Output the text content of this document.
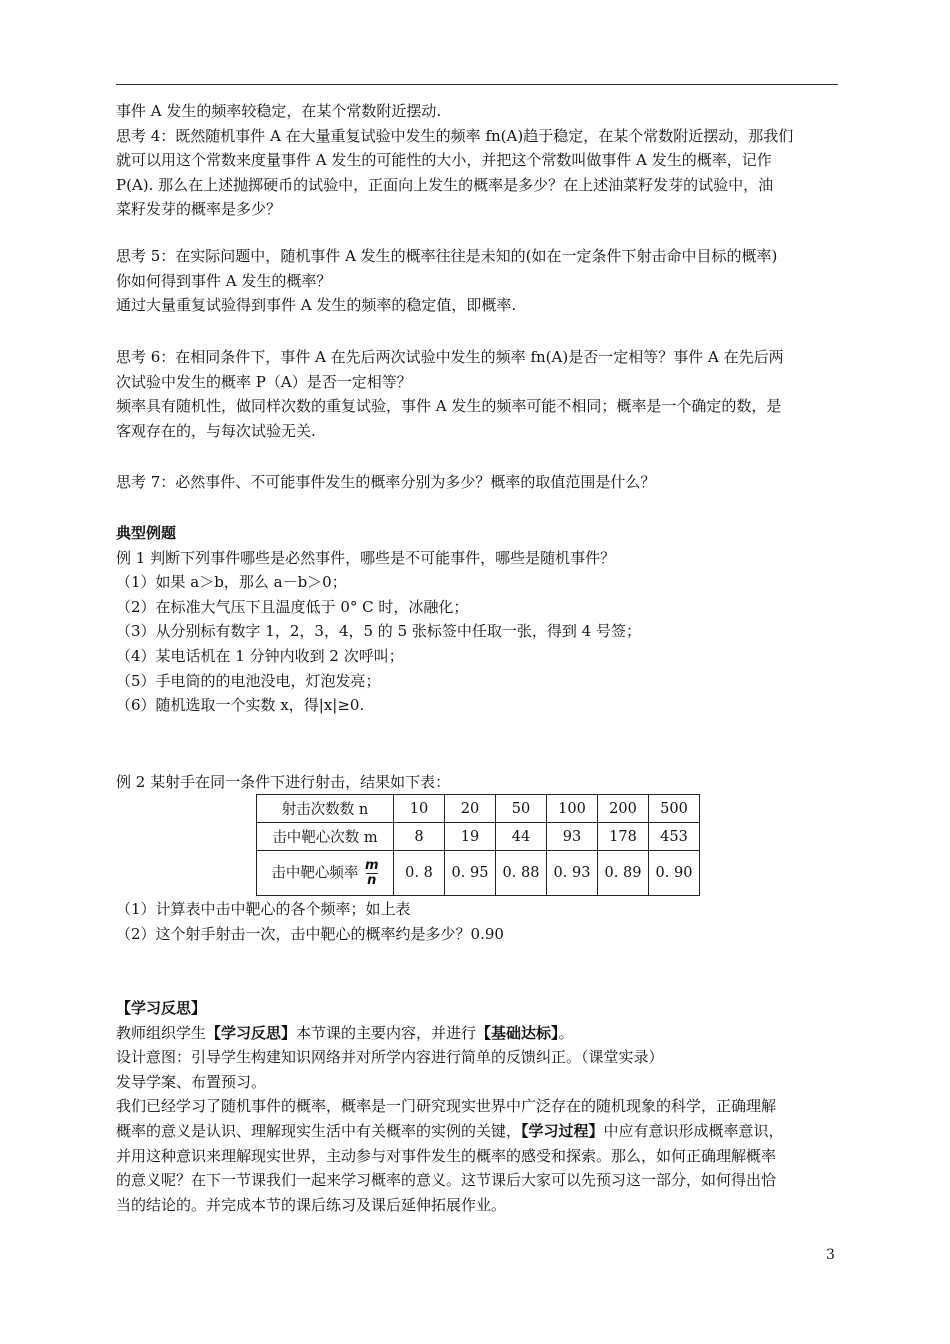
事件 A 发生的频率较稳定，在某个常数附近摆动.
思考 4：既然随机事件 A 在大量重复试验中发生的频率 fn(A)趋于稳定，在某个常数附近摆动，那我们
就可以用这个常数来度量事件 A 发生的可能性的大小，并把这个常数叫做事件 A 发生的概率，记作
P(A). 那么在上述抛掷硬币的试验中，正面向上发生的概率是多少？在上述油菜籽发芽的试验中，油
菜籽发芽的概率是多少？
思考 5：在实际问题中，随机事件 A 发生的概率往往是未知的(如在一定条件下射击命中目标的概率)
你如何得到事件 A 发生的概率？
通过大量重复试验得到事件 A 发生的频率的稳定值，即概率.
思考 6：在相同条件下，事件 A 在先后两次试验中发生的频率 fn(A)是否一定相等？事件 A 在先后两
次试验中发生的概率 P（A）是否一定相等？
频率具有随机性，做同样次数的重复试验，事件 A 发生的频率可能不相同；概率是一个确定的数，是
客观存在的，与每次试验无关.
思考 7：必然事件、不可能事件发生的概率分别为多少？概率的取值范围是什么？
典型例题
例 1 判断下列事件哪些是必然事件，哪些是不可能事件，哪些是随机事件？
（1）如果 a＞b，那么 a－b＞0；
（2）在标准大气压下且温度低于 0° C 时，冰融化；
（3）从分别标有数字 1，2，3，4，5 的 5 张标签中任取一张，得到 4 号签；
（4）某电话机在 1 分钟内收到 2 次呼叫；
（5）手电筒的的电池没电，灯泡发亮；
（6）随机选取一个实数 x，得|x|≥0.
例 2 某射手在同一条件下进行射击，结果如下表：
射击次数数 n	10	20	50	100	200	500
击中靶心次数 m	8	19	44	93	178	453
击中靶心频率 $\frac{m}{n}$	0. 8	0. 95	0. 88	0. 93	0. 89	0. 90
（1）计算表中击中靶心的各个频率；如上表
（2）这个射手射击一次，击中靶心的概率约是多少？0.90
【学习反思】
教师组织学生【学习反思】本节课的主要内容，并进行【基础达标】。
设计意图：引导学生构建知识网络并对所学内容进行简单的反馈纠正。（课堂实录）
发导学案、布置预习。
我们已经学习了随机事件的概率，概率是一门研究现实世界中广泛存在的随机现象的科学，正确理解
概率的意义是认识、理解现实生活中有关概率的实例的关键，【学习过程】中应有意识形成概率意识，
并用这种意识来理解现实世界，主动参与对事件发生的概率的感受和探索。那么，如何正确理解概率
的意义呢？在下一节课我们一起来学习概率的意义。这节课后大家可以先预习这一部分，如何得出恰
当的结论的。并完成本节的课后练习及课后延伸拓展作业。
3
